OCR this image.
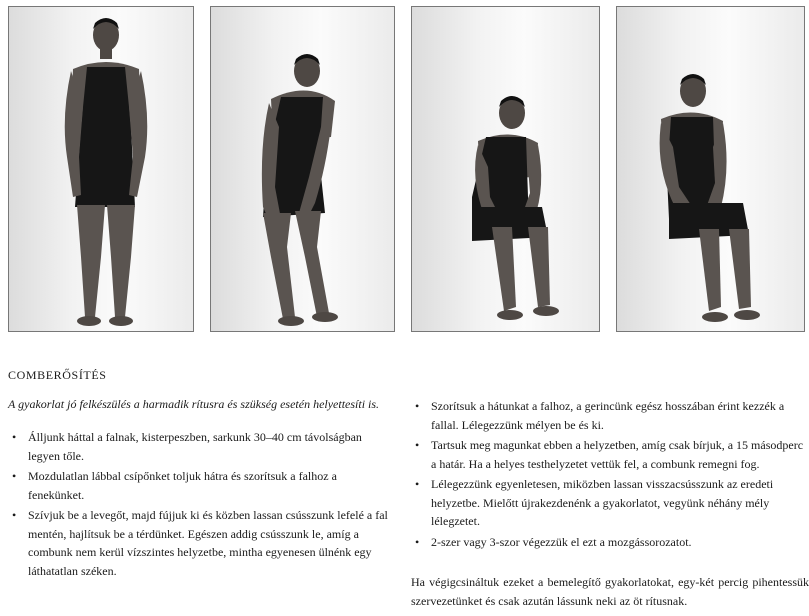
COMBERŐSÍTÉS
A gyakorlat jó felkészülés a harmadik rítusra és szükség esetén helyettesíti is.
• Álljunk háttal a falnak, kisterpeszben, sarkunk 30–40 cm távolságban legyen tőle.
• Mozdulatlan lábbal csípőnket toljuk hátra és szorítsuk a falhoz a fenekünket.
• Szívjuk be a levegőt, majd fújjuk ki és közben lassan csússzunk lefelé a fal mentén, hajlítsuk be a térdünket. Egészen addig csússzunk le, amíg a combunk nem kerül vízszintes helyzetbe, mintha egyenesen ülnénk egy láthatatlan széken.
• Szorítsuk a hátunkat a falhoz, a gerincünk egész hosszában érint kezzék a fallal. Lélegezzünk mélyen be és ki.
• Tartsuk meg magunkat ebben a helyzetben, amíg csak bírjuk, a 15 másodperc a határ. Ha a helyes testhelyzetet vettük fel, a combunk remegni fog.
• Lélegezzünk egyenletesen, miközben lassan visszacsússzunk az eredeti helyzetbe. Mielőtt újrakezdenénk a gyakorlatot, vegyünk néhány mély lélegzetet.
• 2-szer vagy 3-szor végezzük el ezt a mozgássorozatot.
Ha végigcsináltuk ezeket a bemelegítő gyakorlatokat, egy-két percig pihentessük szervezetünket és csak azután lássunk neki az öt rítusnak.
